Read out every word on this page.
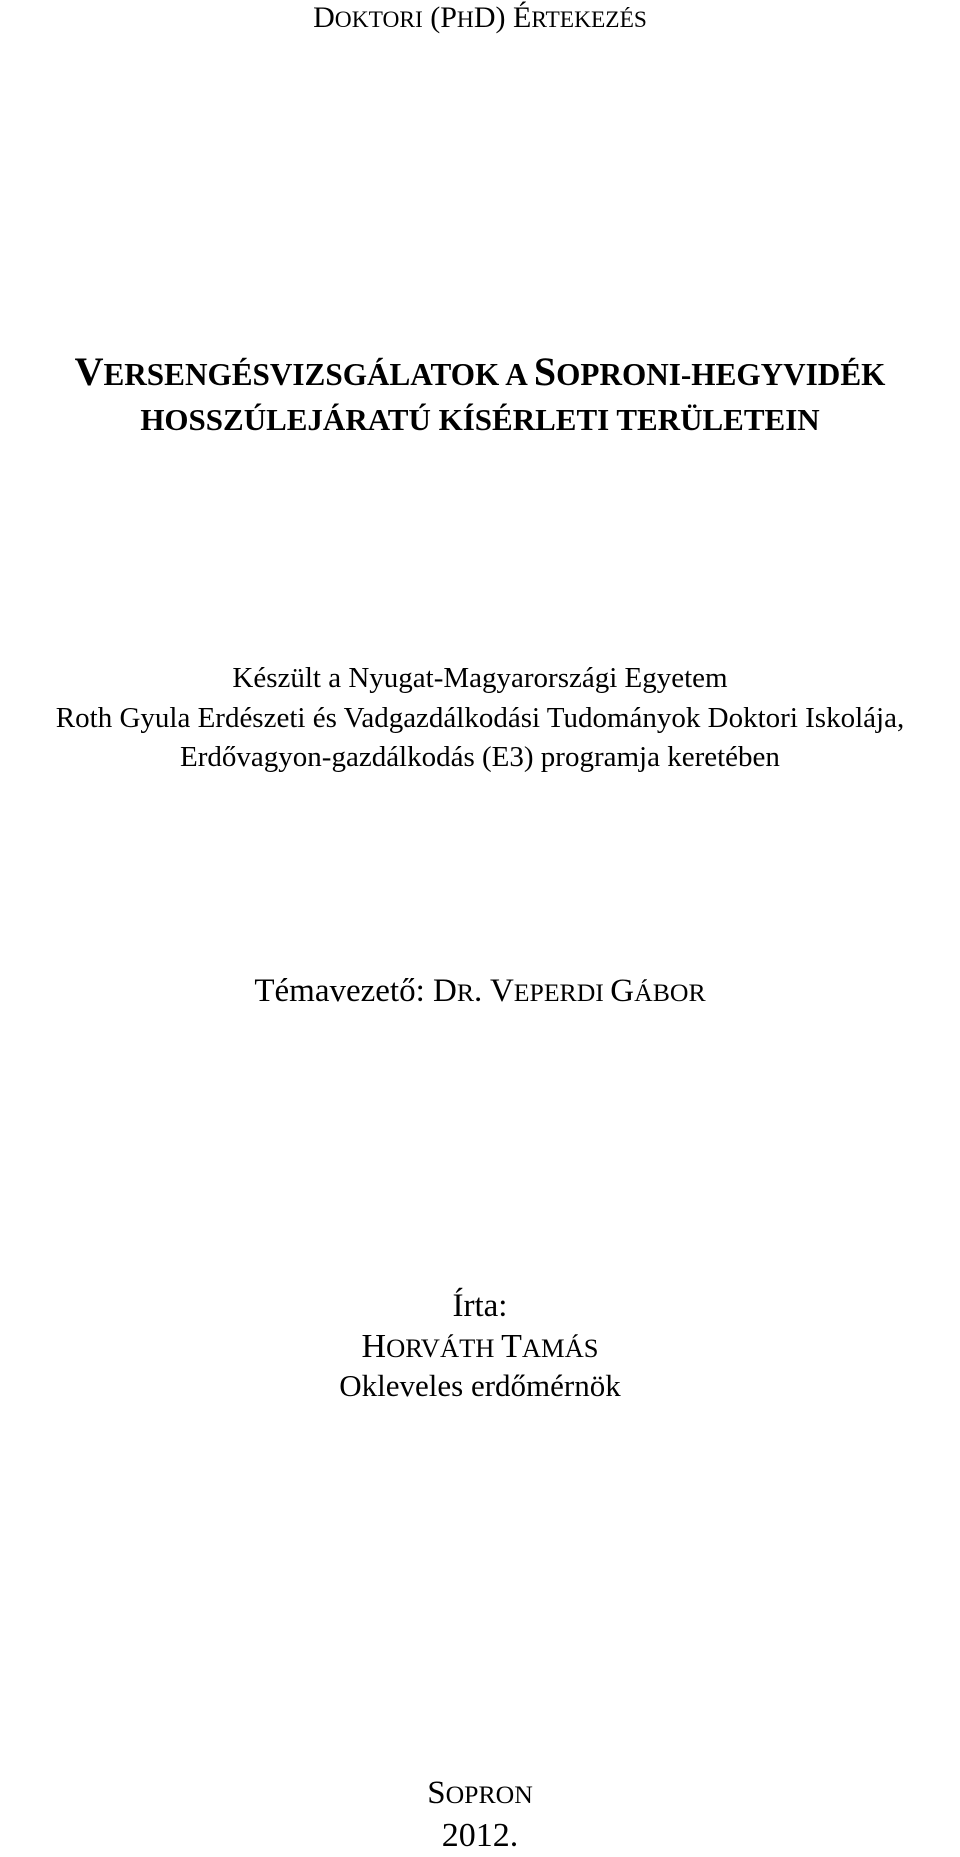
DOKTORI (PHD) ÉRTEKEZÉS
VERSENGÉSVIZSGÁLATOK A SOPRONI-HEGYVIDÉK
HOSSZÚLEJÁRATÚ KÍSÉRLETI TERÜLETEIN
Készült a Nyugat-Magyarországi Egyetem
Roth Gyula Erdészeti és Vadgazdálkodási Tudományok Doktori Iskolája,
Erdővagyon-gazdálkodás (E3) programja keretében
Témavezető: DR. VEPERDI GÁBOR
Írta:
HORVÁTH TAMÁS
Okleveles erdőmérnök
SOPRON
2012.
